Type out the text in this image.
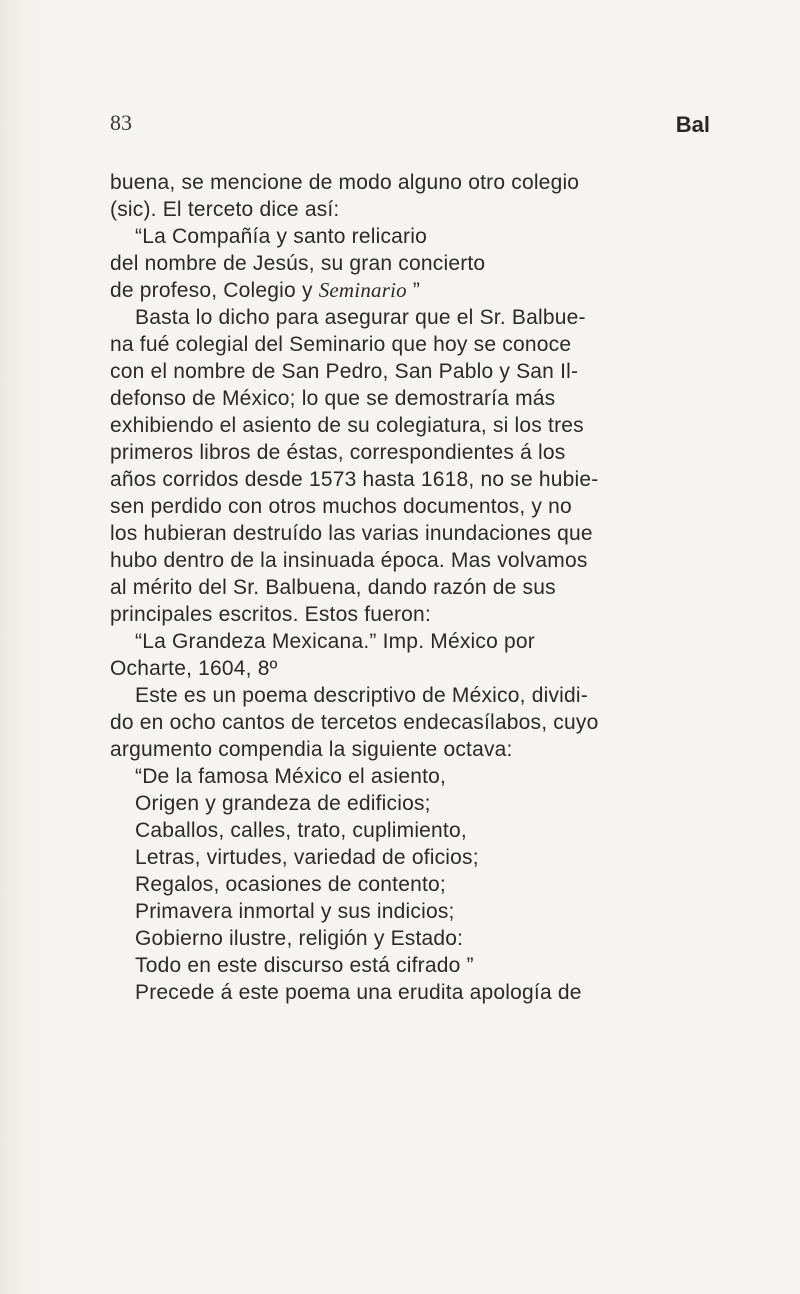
83	Bal
buena, se mencione de modo alguno otro colegio
(sic). El terceto dice así:
“La Compañía y santo relicario
del nombre de Jesús, su gran concierto
de profeso, Colegio y Seminario ”
Basta lo dicho para asegurar que el Sr. Balbue-
na fué colegial del Seminario que hoy se conoce
con el nombre de San Pedro, San Pablo y San Il-
defonso de México; lo que se demostraría más
exhibiendo el asiento de su colegiatura, si los tres
primeros libros de éstas, correspondientes á los
años corridos desde 1573 hasta 1618, no se hubie-
sen perdido con otros muchos documentos, y no
los hubieran destruído las varias inundaciones que
hubo dentro de la insinuada época. Mas volvamos
al mérito del Sr. Balbuena, dando razón de sus
principales escritos. Estos fueron:
“La Grandeza Mexicana.” Imp. México por
Ocharte, 1604, 8º
Este es un poema descriptivo de México, dividi-
do en ocho cantos de tercetos endecasílabos, cuyo
argumento compendia la siguiente octava:
“De la famosa México el asiento,
Origen y grandeza de edificios;
Caballos, calles, trato, cuplimiento,
Letras, virtudes, variedad de oficios;
Regalos, ocasiones de contento;
Primavera inmortal y sus indicios;
Gobierno ilustre, religión y Estado:
Todo en este discurso está cifrado ”
Precede á este poema una erudita apología de
